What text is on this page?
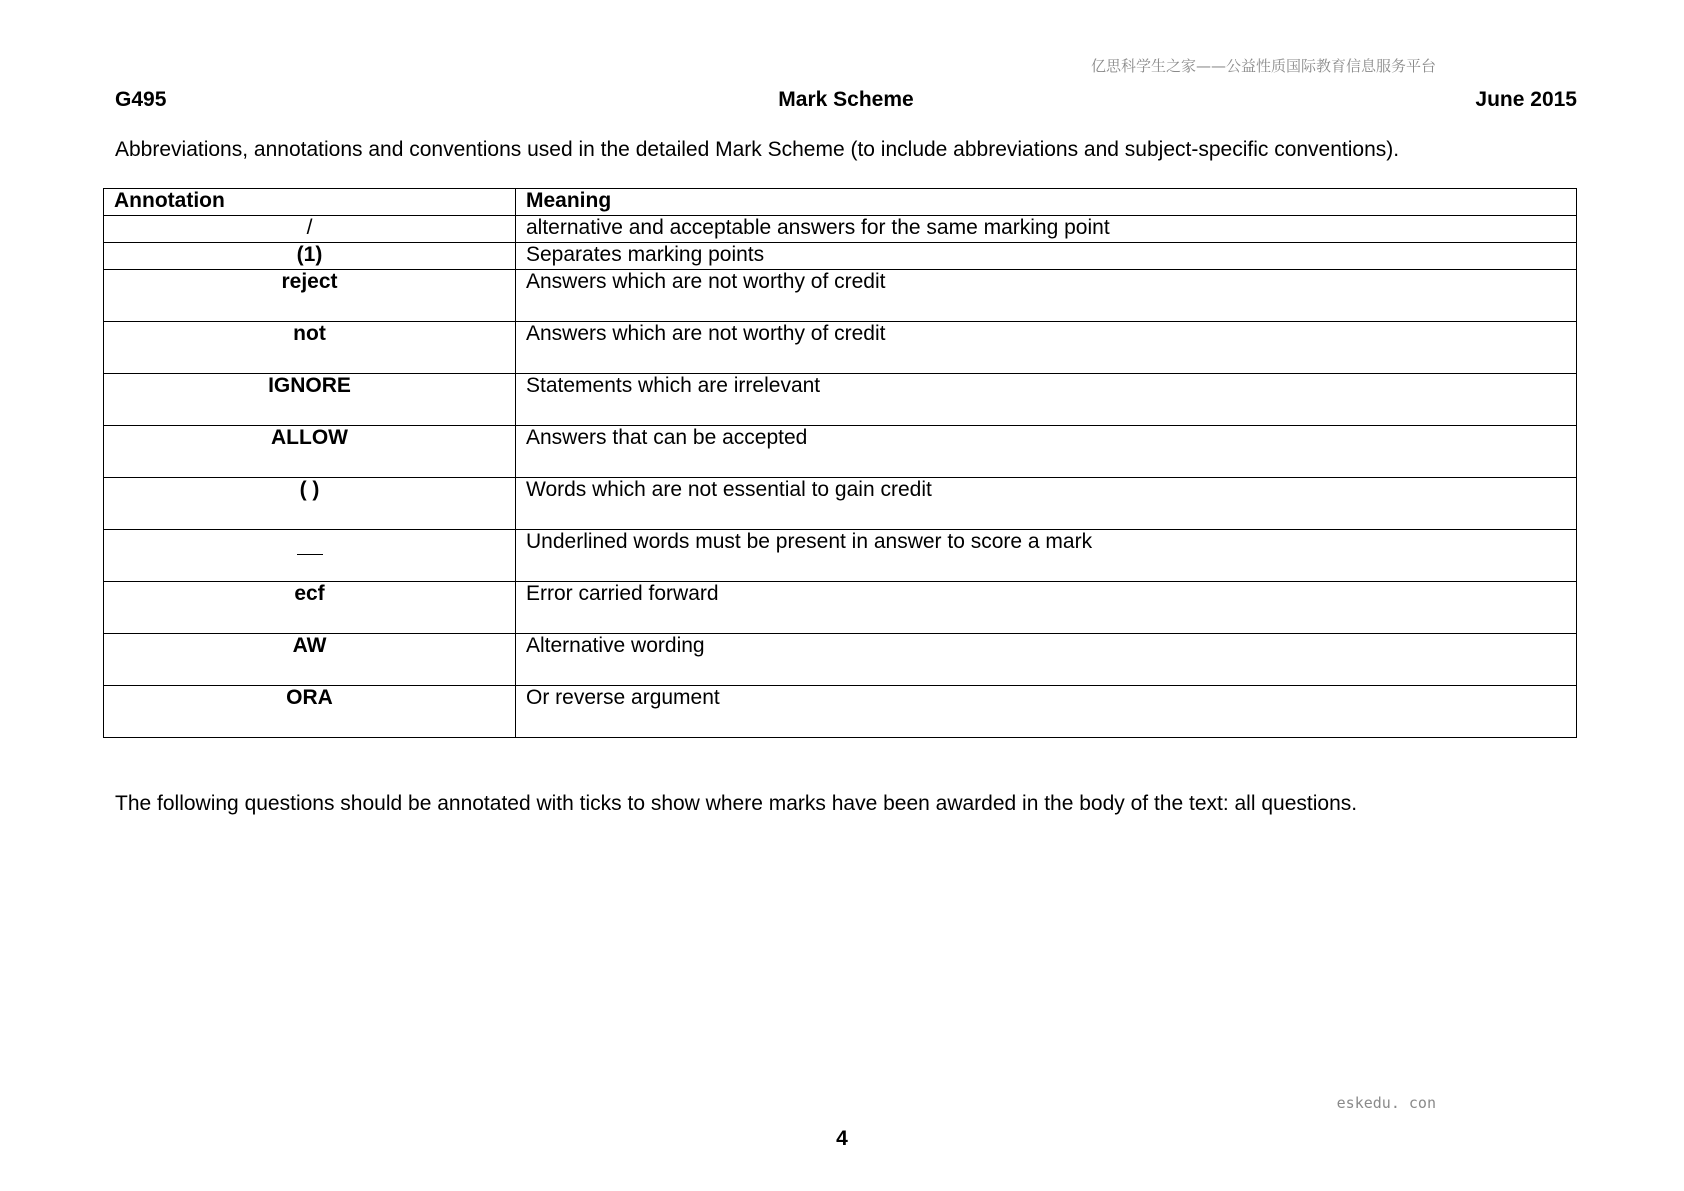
亿思科学生之家——公益性质国际教育信息服务平台
G495	Mark Scheme	June 2015
Abbreviations, annotations and conventions used in the detailed Mark Scheme (to include abbreviations and subject-specific conventions).
Annotation	Meaning
/	alternative and acceptable answers for the same marking point
(1)	Separates marking points
reject	Answers which are not worthy of credit
not	Answers which are not worthy of credit
IGNORE	Statements which are irrelevant
ALLOW	Answers that can be accepted
( )	Words which are not essential to gain credit
	Underlined words must be present in answer to score a mark
ecf	Error carried forward
AW	Alternative wording
ORA	Or reverse argument
The following questions should be annotated with ticks to show where marks have been awarded in the body of the text: all questions.
eskedu. con
4
